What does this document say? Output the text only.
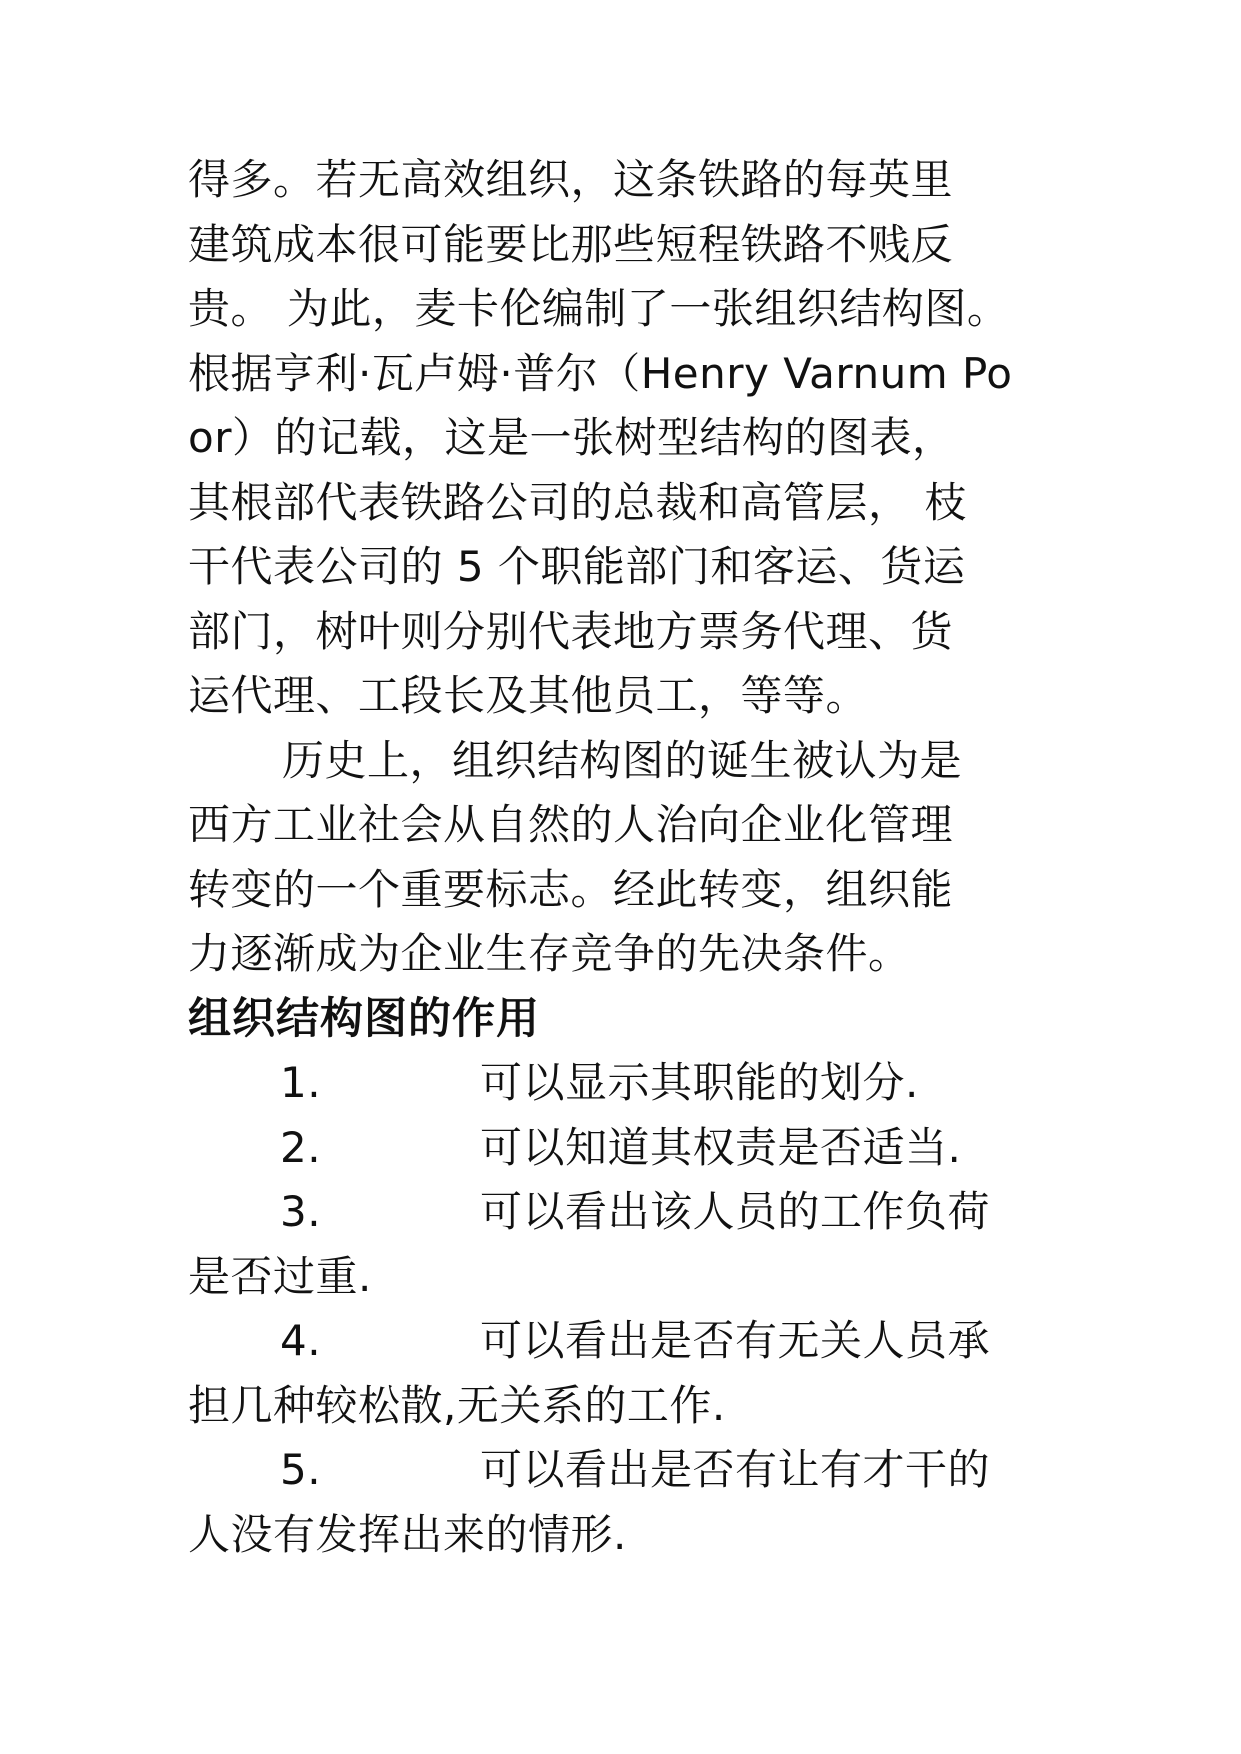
得多。若无高效组织，这条铁路的每英里
建筑成本很可能要比那些短程铁路不贱反
贵。 为此，麦卡伦编制了一张组织结构图。
根据亨利·瓦卢姆·普尔（Henry Varnum Po
or）的记载，这是一张树型结构的图表，
其根部代表铁路公司的总裁和高管层， 枝
干代表公司的 5 个职能部门和客运、货运
部门，树叶则分别代表地方票务代理、货
运代理、工段长及其他员工，等等。
历史上，组织结构图的诞生被认为是
西方工业社会从自然的人治向企业化管理
转变的一个重要标志。经此转变，组织能
力逐渐成为企业生存竞争的先决条件。
组织结构图的作用
1.	可以显示其职能的划分.
2.	可以知道其权责是否适当.
3.	可以看出该人员的工作负荷
是否过重.
4.	可以看出是否有无关人员承
担几种较松散,无关系的工作.
5.	可以看出是否有让有才干的
人没有发挥出来的情形.
